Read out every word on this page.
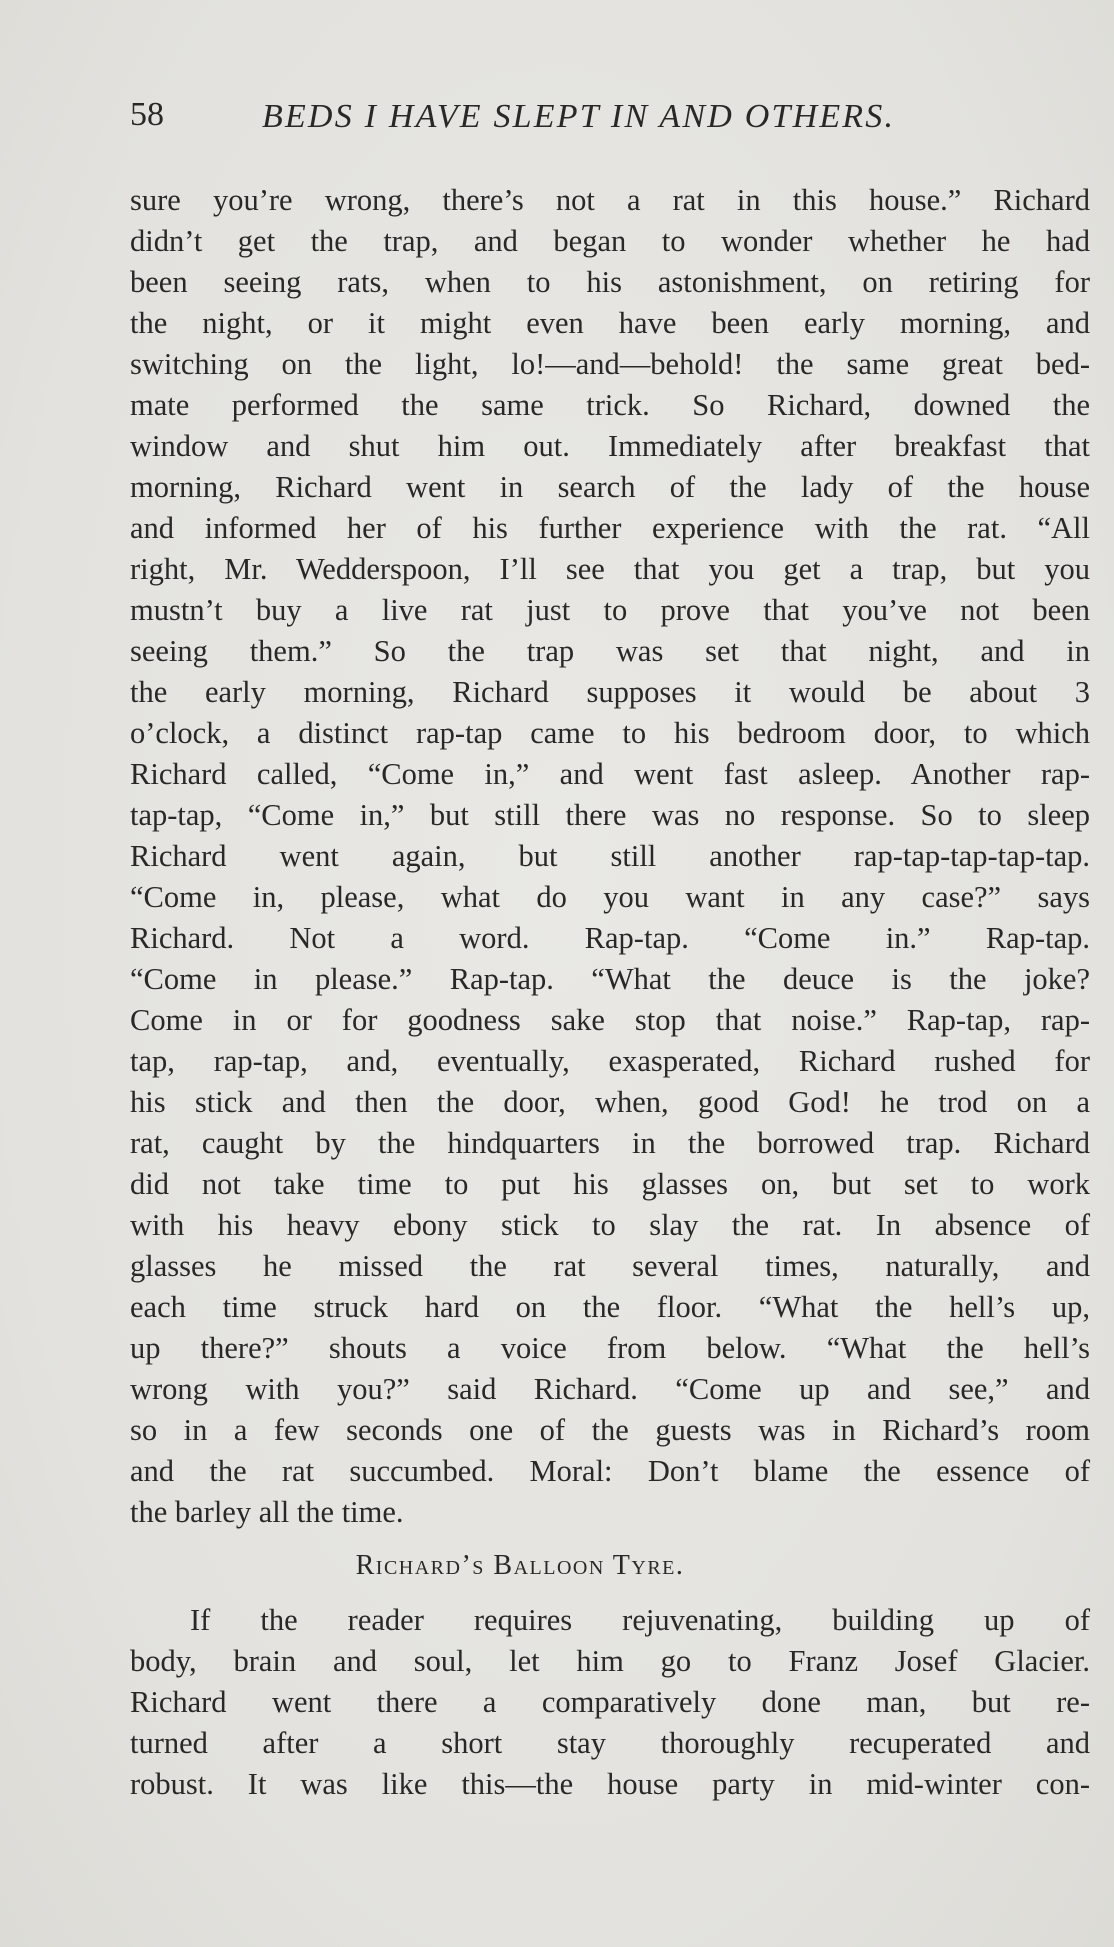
58	BEDS I HAVE SLEPT IN AND OTHERS.
sure you’re wrong, there’s not a rat in this house.” Richard
didn’t get the trap, and began to wonder whether he had
been seeing rats, when to his astonishment, on retiring for
the night, or it might even have been early morning, and
switching on the light, lo!—and—behold! the same great bed-
mate performed the same trick. So Richard, downed the
window and shut him out. Immediately after breakfast that
morning, Richard went in search of the lady of the house
and informed her of his further experience with the rat. “All
right, Mr. Wedderspoon, I’ll see that you get a trap, but you
mustn’t buy a live rat just to prove that you’ve not been
seeing them.” So the trap was set that night, and in
the early morning, Richard supposes it would be about 3
o’clock, a distinct rap-tap came to his bedroom door, to which
Richard called, “Come in,” and went fast asleep. Another rap-
tap-tap, “Come in,” but still there was no response. So to sleep
Richard went again, but still another rap-tap-tap-tap-tap.
“Come in, please, what do you want in any case?” says
Richard. Not a word. Rap-tap. “Come in.” Rap-tap.
“Come in please.” Rap-tap. “What the deuce is the joke?
Come in or for goodness sake stop that noise.” Rap-tap, rap-
tap, rap-tap, and, eventually, exasperated, Richard rushed for
his stick and then the door, when, good God! he trod on a
rat, caught by the hindquarters in the borrowed trap. Richard
did not take time to put his glasses on, but set to work
with his heavy ebony stick to slay the rat. In absence of
glasses he missed the rat several times, naturally, and
each time struck hard on the floor. “What the hell’s up,
up there?” shouts a voice from below. “What the hell’s
wrong with you?” said Richard. “Come up and see,” and
so in a few seconds one of the guests was in Richard’s room
and the rat succumbed. Moral: Don’t blame the essence of
the barley all the time.
Richard’s Balloon Tyre.
If the reader requires rejuvenating, building up of
body, brain and soul, let him go to Franz Josef Glacier.
Richard went there a comparatively done man, but re-
turned after a short stay thoroughly recuperated and
robust. It was like this—the house party in mid-winter con-
